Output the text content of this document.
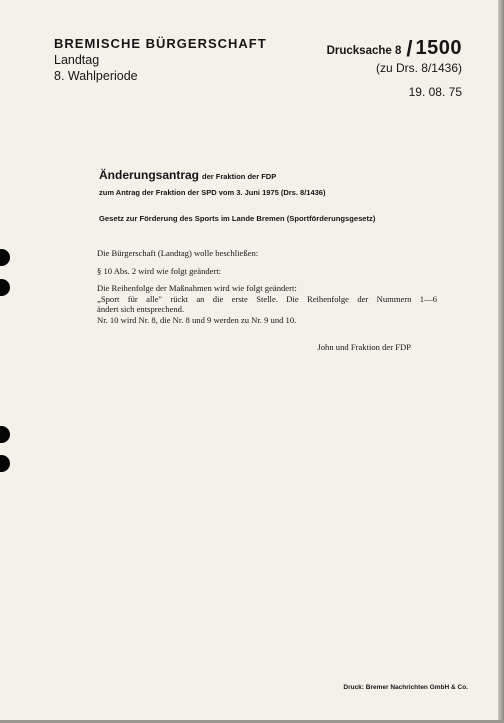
BREMISCHE BÜRGERSCHAFT
Landtag
8. Wahlperiode
Drucksache 8 / 1500
(zu Drs. 8/1436)
19. 08. 75
Änderungsantrag der Fraktion der FDP
zum Antrag der Fraktion der SPD vom 3. Juni 1975 (Drs. 8/1436)
Gesetz zur Förderung des Sports im Lande Bremen (Sportförderungsgesetz)

Die Bürgerschaft (Landtag) wolle beschließen:

§ 10 Abs. 2 wird wie folgt geändert:

Die Reihenfolge der Maßnahmen wird wie folgt geändert:

„Sport für alle" rückt an die erste Stelle. Die Reihenfolge der Nummern 1—6

ändert sich entsprechend.

Nr. 10 wird Nr. 8, die Nr. 8 und 9 werden zu Nr. 9 und 10.

John und Fraktion der FDP
Druck: Bremer Nachrichten GmbH & Co.
